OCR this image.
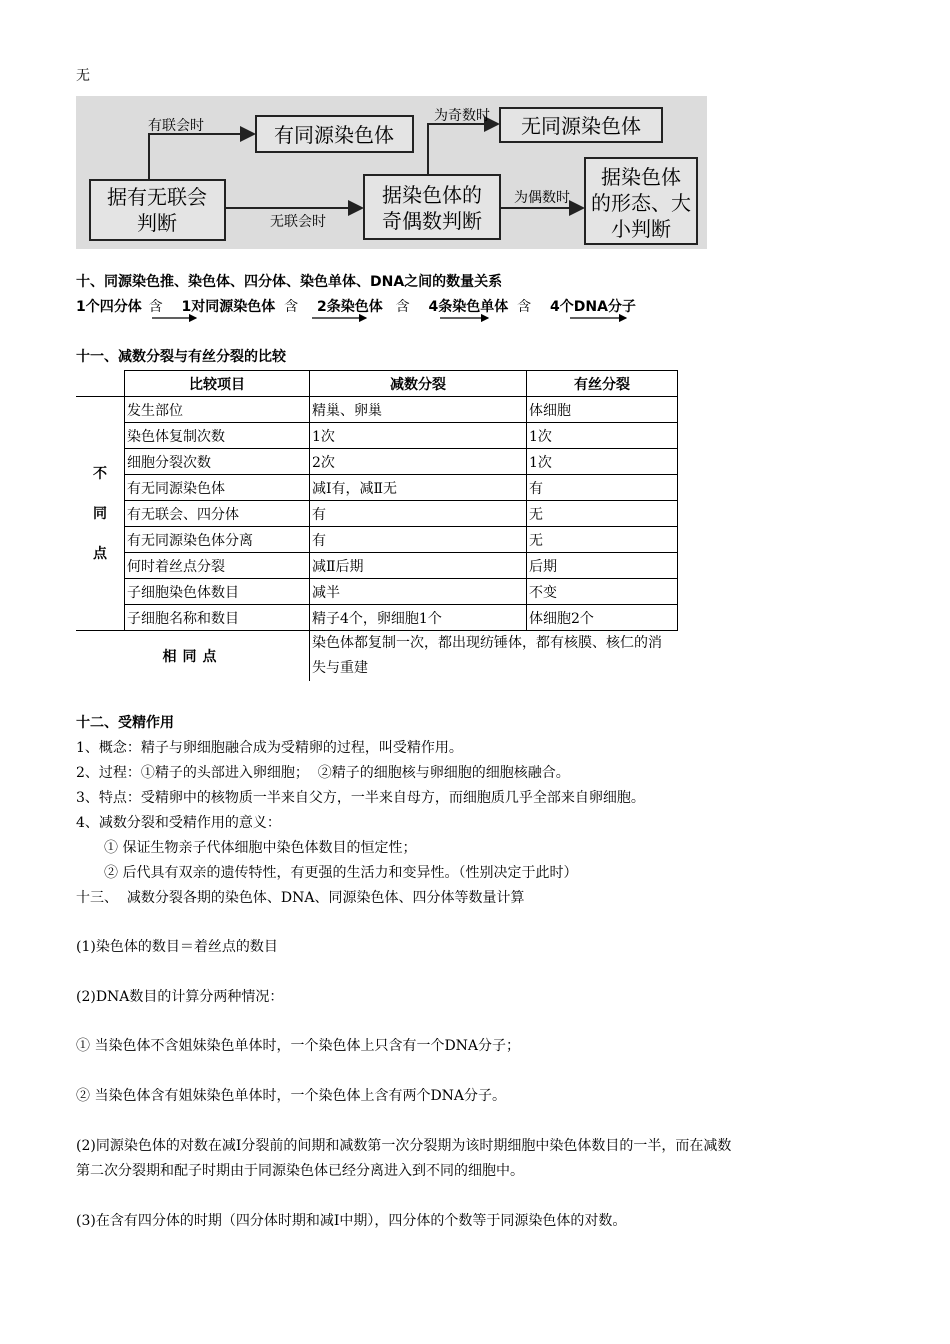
无
据有无联会
判断
有联会时
无联会时
有同源染色体
据染色体的
奇偶数判断
为奇数时
为偶数时
无同源染色体
据染色体
的形态、大
小判断
十、同源染色推、染色体、四分体、染色单体、DNA之间的数量关系
1个四分体 含 1对同源染色体 含 2条染色体 含 4条染色单体 含 4个DNA分子
十一、减数分裂与有丝分裂的比较
	比较项目	减数分裂	有丝分裂

不
同
点	发生部位	精巢、卵巢	体细胞
	染色体复制次数	1次	1次
	细胞分裂次数	2次	1次
	有无同源染色体	减Ⅰ有，减Ⅱ无	有
	有无联会、四分体	有	无
	有无同源染色体分离	有	无
	何时着丝点分裂	减Ⅱ后期	后期
	子细胞染色体数目	减半	不变
	子细胞名称和数目	精子4个，卵细胞1个	体细胞2个
相同点		染色体都复制一次，都出现纺锤体，都有核膜、核仁的消失与重建	
十二、受精作用
1、概念：精子与卵细胞融合成为受精卵的过程，叫受精作用。
2、过程：①精子的头部进入卵细胞；  ②精子的细胞核与卵细胞的细胞核融合。
3、特点：受精卵中的核物质一半来自父方，一半来自母方，而细胞质几乎全部来自卵细胞。
4、减数分裂和受精作用的意义：
① 保证生物亲子代体细胞中染色体数目的恒定性；
② 后代具有双亲的遗传特性，有更强的生活力和变异性。（性别决定于此时）
十三、  减数分裂各期的染色体、DNA、同源染色体、四分体等数量计算
(1)染色体的数目＝着丝点的数目
(2)DNA数目的计算分两种情况：
① 当染色体不含姐妹染色单体时，一个染色体上只含有一个DNA分子；
② 当染色体含有姐妹染色单体时，一个染色体上含有两个DNA分子。
(2)同源染色体的对数在减Ⅰ分裂前的间期和减数第一次分裂期为该时期细胞中染色体数目的一半，而在减数
第二次分裂期和配子时期由于同源染色体已经分离进入到不同的细胞中。
(3)在含有四分体的时期（四分体时期和减Ⅰ中期），四分体的个数等于同源染色体的对数。
